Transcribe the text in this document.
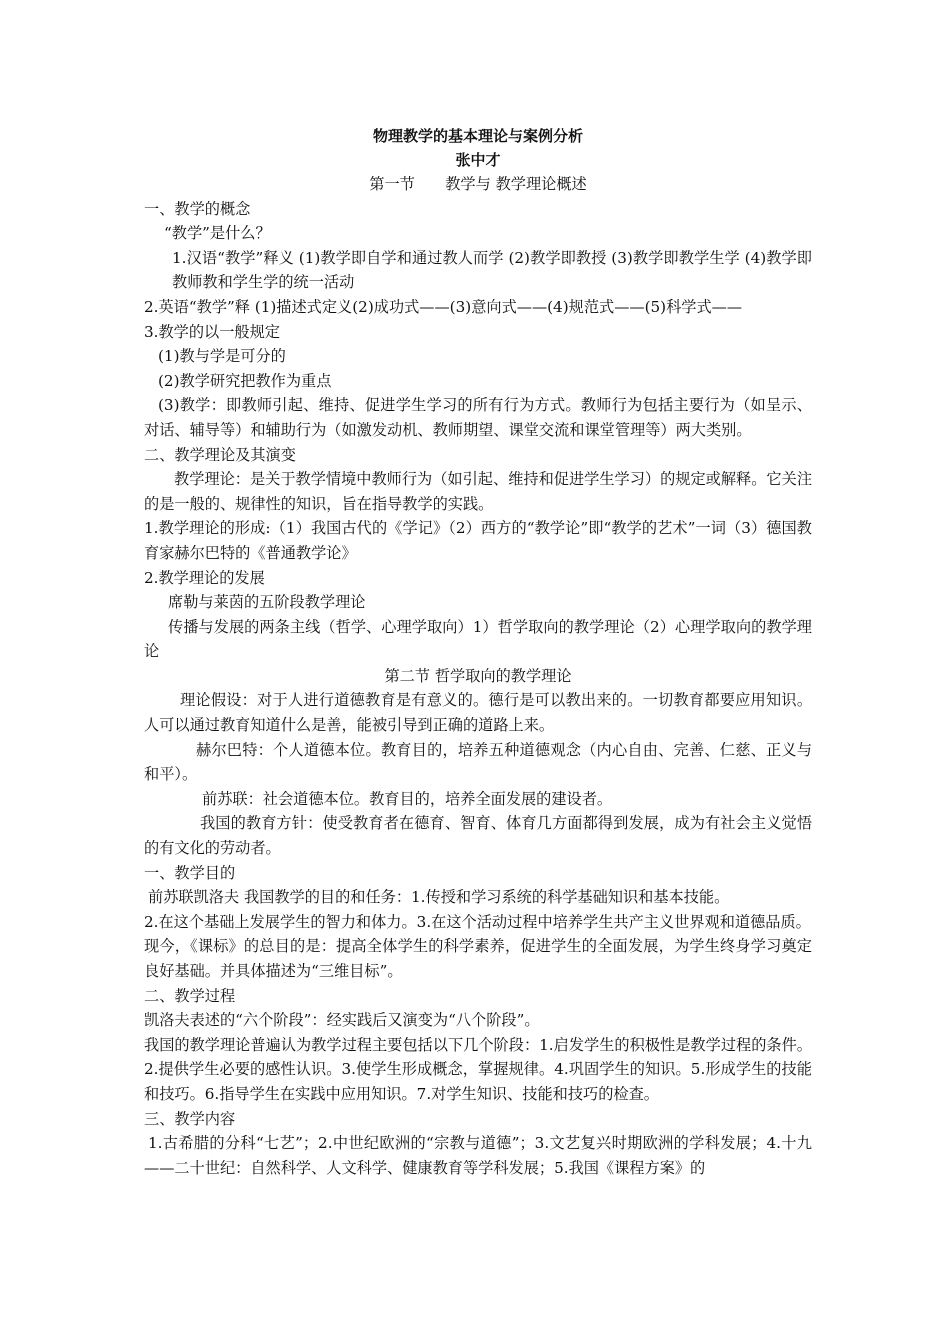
物理教学的基本理论与案例分析

张中才

第一节　　教学与 教学理论概述

一、教学的概念

“教学”是什么？

1.汉语“教学”释义 (1)教学即自学和通过教人而学 (2)教学即教授 (3)教学即教学生学 (4)教学即教师教和学生学的统一活动

2.英语“教学”释 (1)描述式定义(2)成功式——(3)意向式——(4)规范式——(5)科学式——

3.教学的以一般规定

(1)教与学是可分的

(2)教学研究把教作为重点

(3)教学：即教师引起、维持、促进学生学习的所有行为方式。教师行为包括主要行为（如呈示、对话、辅导等）和辅助行为（如激发动机、教师期望、课堂交流和课堂管理等）两大类别。

二、教学理论及其演变

教学理论：是关于教学情境中教师行为（如引起、维持和促进学生学习）的规定或解释。它关注的是一般的、规律性的知识，旨在指导教学的实践。

1.教学理论的形成:（1）我国古代的《学记》（2）西方的“教学论”即“教学的艺术”一词（3）德国教育家赫尔巴特的《普通教学论》

2.教学理论的发展

席勒与莱茵的五阶段教学理论

传播与发展的两条主线（哲学、心理学取向）1）哲学取向的教学理论（2）心理学取向的教学理论

第二节 哲学取向的教学理论

理论假设：对于人进行道德教育是有意义的。德行是可以教出来的。一切教育都要应用知识。人可以通过教育知道什么是善，能被引导到正确的道路上来。

赫尔巴特：个人道德本位。教育目的，培养五种道德观念（内心自由、完善、仁慈、正义与和平）。

前苏联：社会道德本位。教育目的，培养全面发展的建设者。

我国的教育方针：使受教育者在德育、智育、体育几方面都得到发展，成为有社会主义觉悟的有文化的劳动者。

一、教学目的

前苏联凯洛夫 我国教学的目的和任务：1.传授和学习系统的科学基础知识和基本技能。

2.在这个基础上发展学生的智力和体力。3.在这个活动过程中培养学生共产主义世界观和道德品质。

现今，《课标》的总目的是：提高全体学生的科学素养，促进学生的全面发展，为学生终身学习奠定良好基础。并具体描述为“三维目标”。

二、教学过程

凯洛夫表述的“六个阶段”：经实践后又演变为“八个阶段”。

我国的教学理论普遍认为教学过程主要包括以下几个阶段：1.启发学生的积极性是教学过程的条件。 2.提供学生必要的感性认识。3.使学生形成概念，掌握规律。4.巩固学生的知识。5.形成学生的技能和技巧。6.指导学生在实践中应用知识。7.对学生知识、技能和技巧的检查。

三、教学内容

1.古希腊的分科“七艺”；2.中世纪欧洲的“宗教与道德”；3.文艺复兴时期欧洲的学科发展；4.十九——二十世纪：自然科学、人文科学、健康教育等学科发展；5.我国《课程方案》的
